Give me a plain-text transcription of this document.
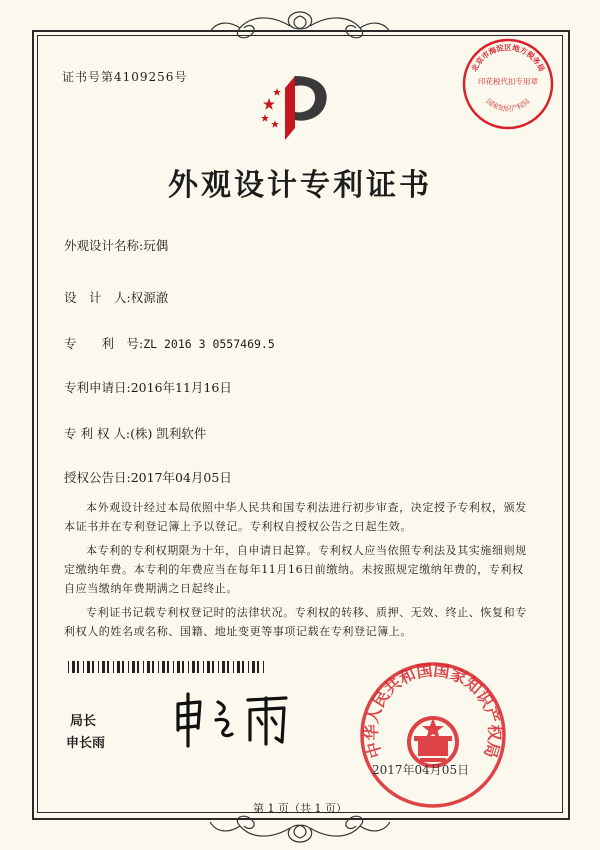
证书号第4109256号
北京市海淀区地方税务局
印花税代扣专用章
国家知识产权局
外观设计专利证书
外观设计名称:玩偶
设　计　人:权源澈
专　　利　号:ZL 2016 3 0557469.5
专利申请日:2016年11月16日
专 利 权 人:(株) 凯利软件
授权公告日:2017年04月05日

本外观设计经过本局依照中华人民共和国专利法进行初步审查，决定授予专利权，颁发本证书并在专利登记簿上予以登记。专利权自授权公告之日起生效。

本专利的专利权期限为十年，自申请日起算。专利权人应当依照专利法及其实施细则规定缴纳年费。本专利的年费应当在每年11月16日前缴纳。未按照规定缴纳年费的，专利权自应当缴纳年费期满之日起终止。

专利证书记载专利权登记时的法律状况。专利权的转移、质押、无效、终止、恢复和专利权人的姓名或名称、国籍、地址变更等事项记载在专利登记簿上。

局长
申长雨	中华人民共和国国家知识产权局
2017年04月05日
第 1 页（共 1 页）
